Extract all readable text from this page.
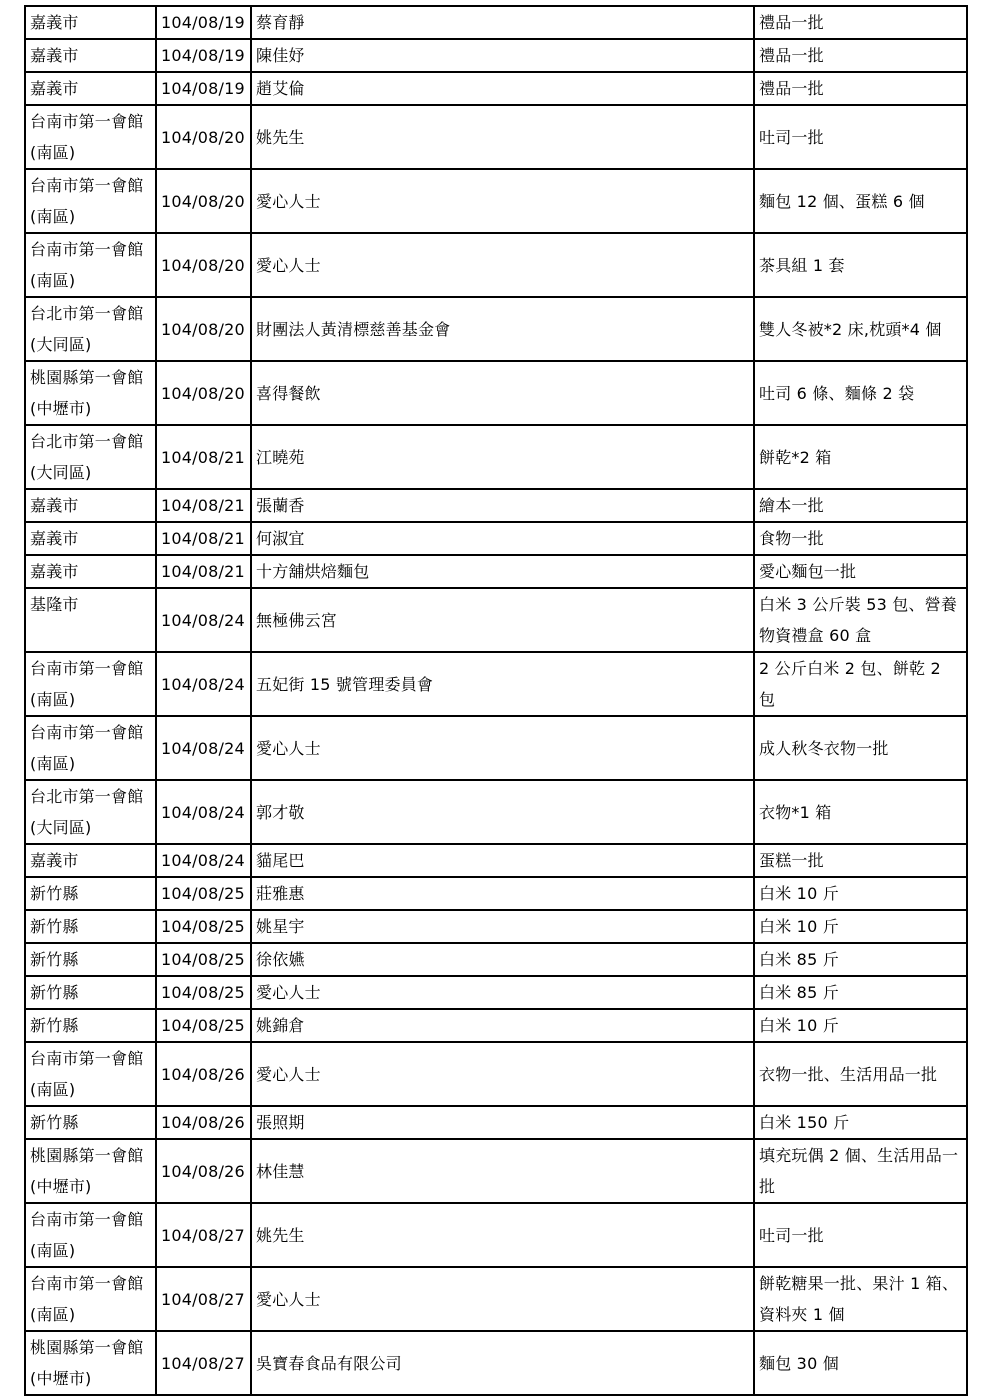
嘉義市	104/08/19	蔡育靜	禮品一批
嘉義市	104/08/19	陳佳妤	禮品一批
嘉義市	104/08/19	趙艾倫	禮品一批
台南市第一會館
(南區)	104/08/20	姚先生	吐司一批
台南市第一會館
(南區)	104/08/20	愛心人士	麵包 12 個、蛋糕 6 個
台南市第一會館
(南區)	104/08/20	愛心人士	茶具組 1 套
台北市第一會館
(大同區)	104/08/20	財團法人黃清標慈善基金會	雙人冬被*2 床,枕頭*4 個
桃園縣第一會館
(中壢市)	104/08/20	喜得餐飲	吐司 6 條、麵條 2 袋
台北市第一會館
(大同區)	104/08/21	江曉苑	餅乾*2 箱
嘉義市	104/08/21	張蘭香	繪本一批
嘉義市	104/08/21	何淑宜	食物一批
嘉義市	104/08/21	十方舖烘焙麵包	愛心麵包一批
基隆市	104/08/24	無極佛云宮	白米 3 公斤裝 53 包、營養
物資禮盒 60 盒
台南市第一會館
(南區)	104/08/24	五妃街 15 號管理委員會	2 公斤白米 2 包、餅乾 2 包
台南市第一會館
(南區)	104/08/24	愛心人士	成人秋冬衣物一批
台北市第一會館
(大同區)	104/08/24	郭才敬	衣物*1 箱
嘉義市	104/08/24	貓尾巴	蛋糕一批
新竹縣	104/08/25	莊雅惠	白米 10 斤
新竹縣	104/08/25	姚星宇	白米 10 斤
新竹縣	104/08/25	徐依嬿	白米 85 斤
新竹縣	104/08/25	愛心人士	白米 85 斤
新竹縣	104/08/25	姚錦倉	白米 10 斤
台南市第一會館
(南區)	104/08/26	愛心人士	衣物一批、生活用品一批
新竹縣	104/08/26	張照期	白米 150 斤
桃園縣第一會館
(中壢市)	104/08/26	林佳慧	填充玩偶 2 個、生活用品一
批
台南市第一會館
(南區)	104/08/27	姚先生	吐司一批
台南市第一會館
(南區)	104/08/27	愛心人士	餅乾糖果一批、果汁 1 箱、
資料夾 1 個
桃園縣第一會館
(中壢市)	104/08/27	吳寶春食品有限公司	麵包 30 個
